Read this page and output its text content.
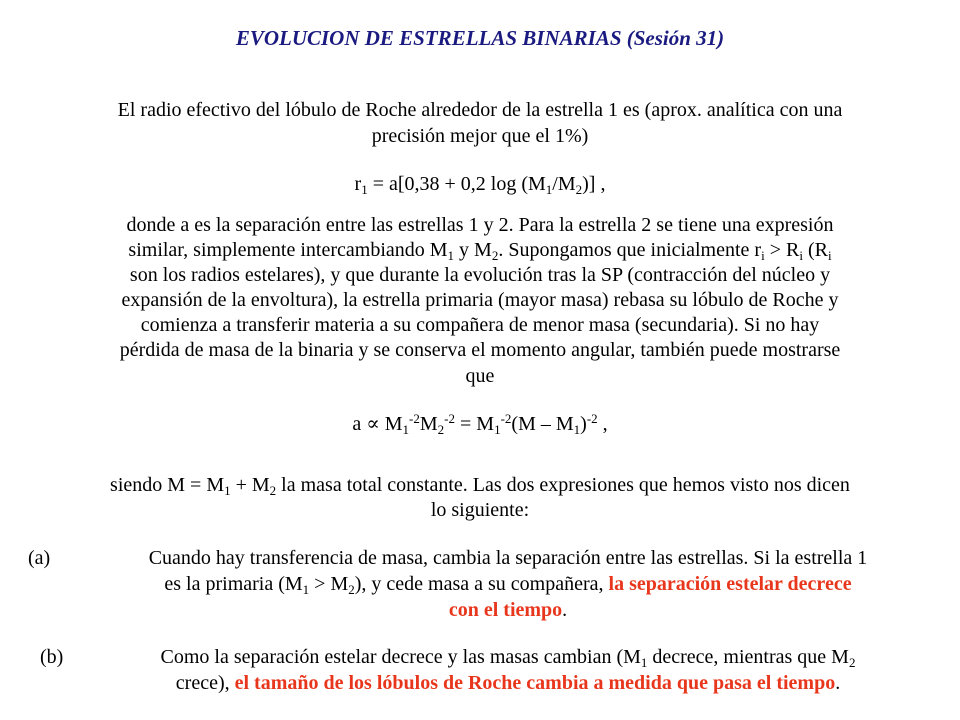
EVOLUCION DE ESTRELLAS BINARIAS (Sesión 31)
El radio efectivo del lóbulo de Roche alrededor de la estrella 1 es (aprox. analítica con una
precisión mejor que el 1%)
$r_1 = a[0,38 + 0,2$ $\log (M_1/M_2)$] ,
donde a es la separación entre las estrellas 1 y 2. Para la estrella 2 se tiene una expresión
similar, simplemente intercambiando $M_1$ y $M_2$. Supongamos que inicialmente $r_i > R_i$ ($R_i$
son los radios estelares), y que durante la evolución tras la SP (contracción del núcleo y
expansión de la envoltura), la estrella primaria (mayor masa) rebasa su lóbulo de Roche y
comienza a transferir materia a su compañera de menor masa (secundaria). Si no hay
pérdida de masa de la binaria y se conserva el momento angular, también puede mostrarse
que
$a \propto M_1^{-2}M_2^{-2} = M_1^{-2}(M - M_1)^{-2}$ ,
siendo $M = M_1 + M_2$ la masa total constante. Las dos expresiones que hemos visto nos dicen
lo siguiente:
(a)	Cuando hay transferencia de masa, cambia la separación entre las estrellas. Si la estrella 1
es la primaria $(M_1 > M_2)$, y cede masa a su compañera, la separación estelar decrece
con el tiempo.
(b)	Como la separación estelar decrece y las masas cambian ($M_1$ decrece, mientras que $M_2$
crece), el tamaño de los lóbulos de Roche cambia a medida que pasa el tiempo.
